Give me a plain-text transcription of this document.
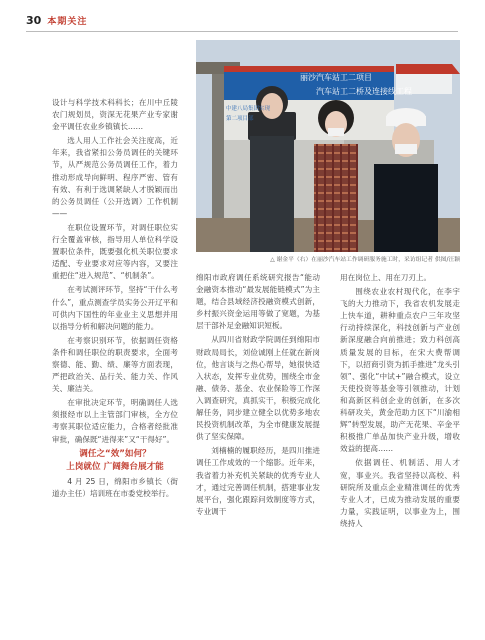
30 本期关注

设计与科学技术科科长；在川中丘陵农门规划员，资深无花果产业专家谢金平调任农业乡镇镇长……

选人用人工作社会关注度高，近年来，我省紧扣公务员调任的关键环节，从严规范公务员调任工作，着力推动形成导向鲜明、程序严密、管有有效、有利于选调紧缺人才脱颖而出的公务员调任（公开选调）工作机制——

在职位设置环节，对调任职位实行全覆盖审核，指导用人单位科学设置职位条件，既要强化机关职位要求适配、专业要求对应等内容，又要注重把住“进入规范”、“机制条”。

在考试测评环节，坚持“干什么考什么”，重点测查学员实务公开辽平和可供内下国性的年业业主义思想并用以指导分析和解决问题的能力。

在考察识别环节，依据调任资格条件和调任职位的职责要求，全面考察德、能、勤、绩、廉等方面表现，严把政治关、品行关、能力关、作风关、廉洁关。

在审批决定环节，明确调任人选须报经市以上主管部门审核，全方位考察其职位适应能力，合格者经批准审批，确保既“进得来”又“干得好”。

调任之“效”如何？
上岗就位 广阔舞台展才能

4 月 25 日，绵阳市乡镇长（街道办主任）培训班在市委党校举行。

丽沙汽车站工二项目
汽车站工二桥及连接线工程
中建八局集团实现
第二项目部
△ 谢金平（右）在丽沙汽车站工作调研服务施工时，采访组记者 供图/汪颖

绵阳市政府调任系统研究报告“能动金融资本推动“最发展能链模式”为主题，结合县域经济投融资模式创新，乡村振兴资金运用等做了宽题，为基层干部补足金融知识短板。

从四川省财政学院调任到绵阳市财政局局长，刘俭诚刚上任就在新岗位，他言谈与之热心帮导，她很快适入状态，发挥专业优势，围绕全市金融、债务、基金、农业保险等工作深入调查研究，真抓实干，积极完成化解任务，同步建立健全以优势多地农民投资机制改革，为全市健康发展提供了坚实保障。

刘楠楠的履职经历，是四川推进调任工作成效的一个缩影。近年来，我省着力补充机关紧缺的优秀专业人才，通过完善调任机制，搭建事业发展平台，强化跟踪问效制度等方式，专业调干

用在岗位上、用在刀刃上。

围绕农业农村现代化，在李宇飞的大力推动下，我省农机发展走上快车道，耕种重点农户三年攻坚行动持续深化，科技创新与产业创新深度融合向前推进；致力科创高质量发展的目标，在宋大费帮调下，以招商引资为抓手推进“龙头引领”、强化“中试+”融合模式，设立天使投资等基金等引领推动，计划和高新区科创企业的创新，在多次科研攻关，黄金范助力区下“川渝相辉”转型发展，助产无花果、辛金平积极推广单品加快产业升级，增收效益的提高……

依据调任、机制活、用人才宽，事业兴。我省坚持以高校、科研院所及重点企业精准调任的优秀专业人才，已成为推动发展的重要力量，实践证明，以事业为上，围绕持人
